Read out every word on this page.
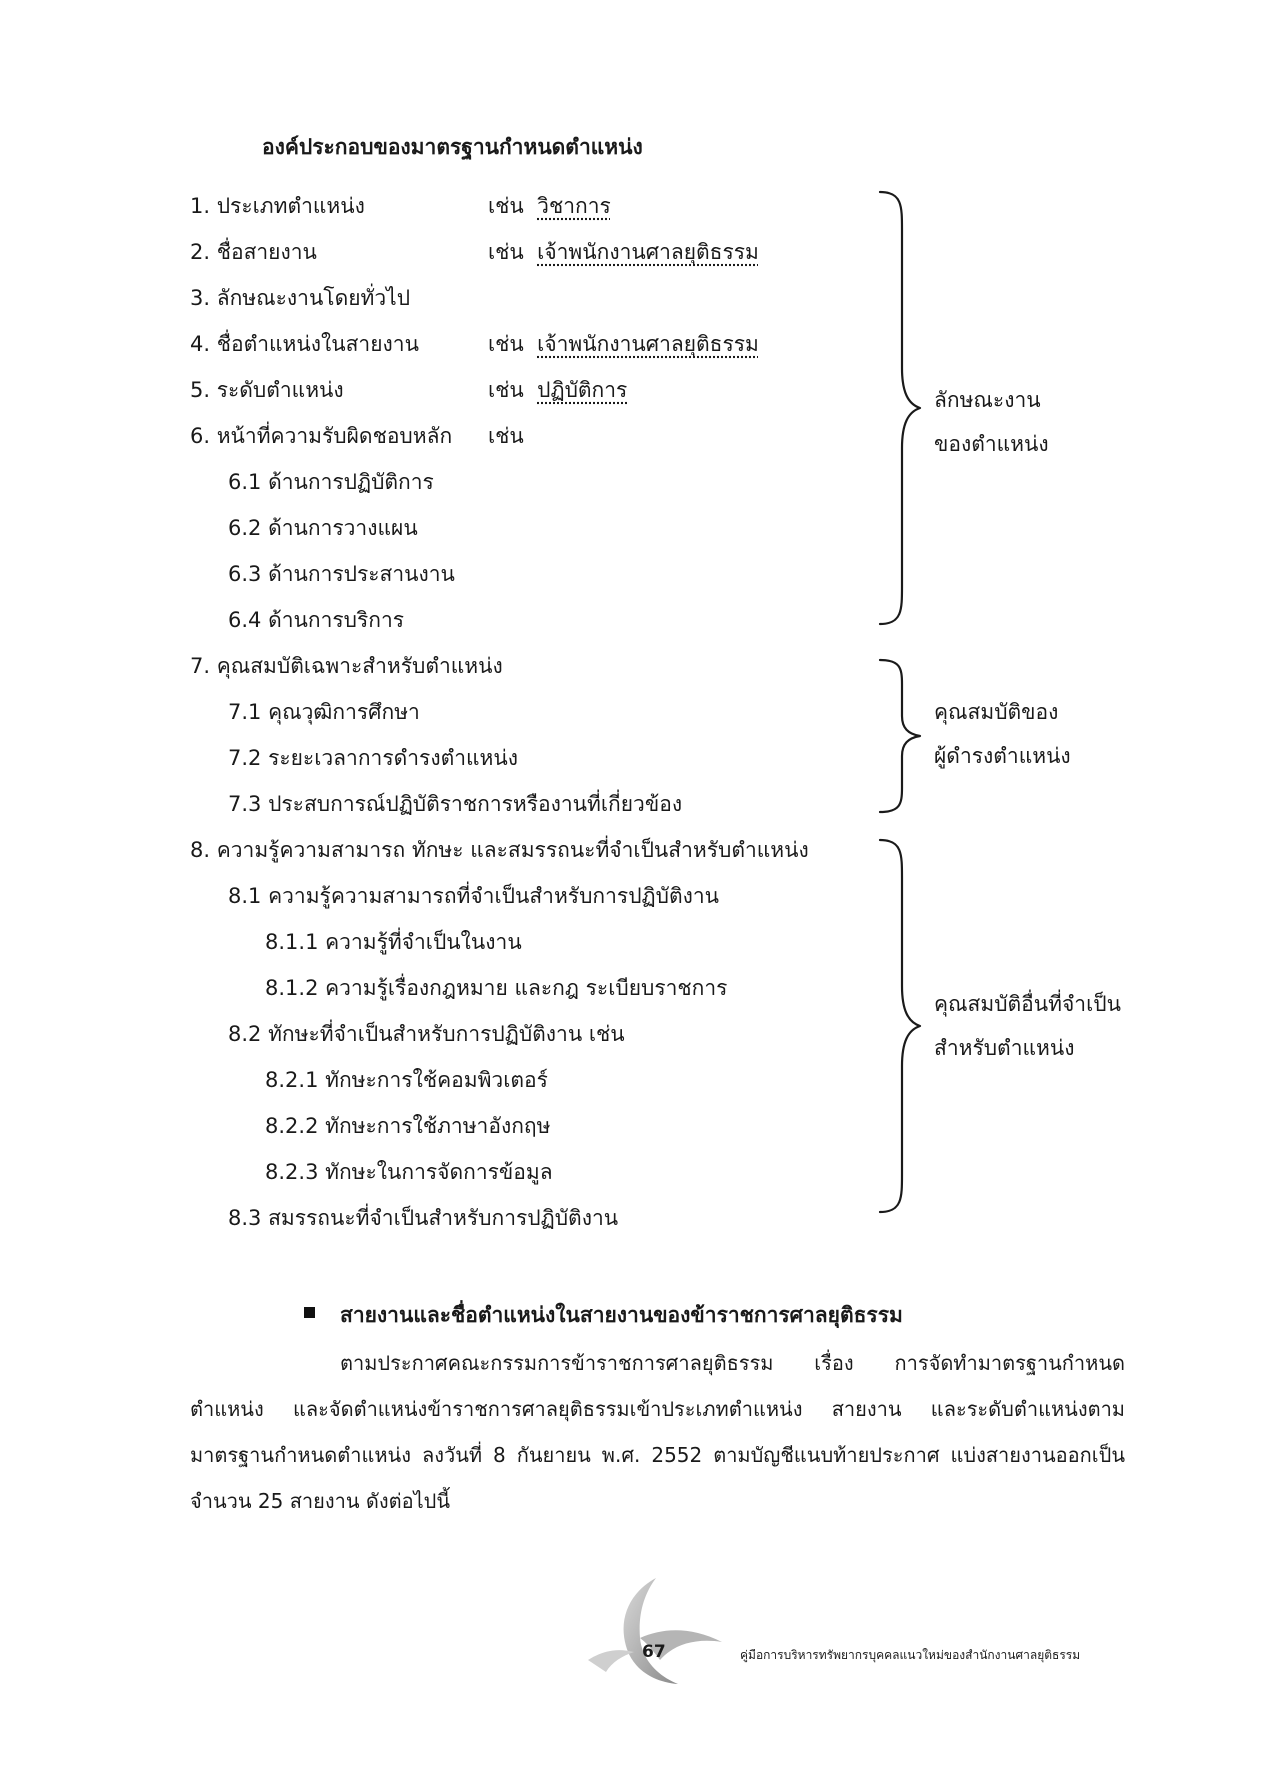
องค์ประกอบของมาตรฐานกำหนดตำแหน่ง
1. ประเภทตำแหน่ง	เช่น วิชาการ
2. ชื่อสายงาน	เช่น เจ้าพนักงานศาลยุติธรรม
3. ลักษณะงานโดยทั่วไป
4. ชื่อตำแหน่งในสายงาน	เช่น เจ้าพนักงานศาลยุติธรรม
5. ระดับตำแหน่ง	เช่น ปฏิบัติการ
6. หน้าที่ความรับผิดชอบหลัก เช่น
6.1 ด้านการปฏิบัติการ
6.2 ด้านการวางแผน
6.3 ด้านการประสานงาน
6.4 ด้านการบริการ
7. คุณสมบัติเฉพาะสำหรับตำแหน่ง
7.1 คุณวุฒิการศึกษา
7.2 ระยะเวลาการดำรงตำแหน่ง
7.3 ประสบการณ์ปฏิบัติราชการหรืองานที่เกี่ยวข้อง
8. ความรู้ความสามารถ ทักษะ และสมรรถนะที่จำเป็นสำหรับตำแหน่ง
8.1 ความรู้ความสามารถที่จำเป็นสำหรับการปฏิบัติงาน
8.1.1 ความรู้ที่จำเป็นในงาน
8.1.2 ความรู้เรื่องกฎหมาย และกฎ ระเบียบราชการ
8.2 ทักษะที่จำเป็นสำหรับการปฏิบัติงาน เช่น
8.2.1 ทักษะการใช้คอมพิวเตอร์
8.2.2 ทักษะการใช้ภาษาอังกฤษ
8.2.3 ทักษะในการจัดการข้อมูล
8.3 สมรรถนะที่จำเป็นสำหรับการปฏิบัติงาน
ลักษณะงาน
ของตำแหน่ง
คุณสมบัติของ
ผู้ดำรงตำแหน่ง
คุณสมบัติอื่นที่จำเป็น
สำหรับตำแหน่ง
สายงานและชื่อตำแหน่งในสายงานของข้าราชการศาลยุติธรรม
ตามประกาศคณะกรรมการข้าราชการศาลยุติธรรม เรื่อง การจัดทำมาตรฐานกำหนดตำแหน่ง และจัดตำแหน่งข้าราชการศาลยุติธรรมเข้าประเภทตำแหน่ง สายงาน และระดับตำแหน่งตามมาตรฐานกำหนดตำแหน่ง ลงวันที่ 8 กันยายน พ.ศ. 2552 ตามบัญชีแนบท้ายประกาศ แบ่งสายงานออกเป็นจำนวน 25 สายงาน ดังต่อไปนี้
67	คู่มือการบริหารทรัพยากรบุคคลแนวใหม่ของสำนักงานศาลยุติธรรม
